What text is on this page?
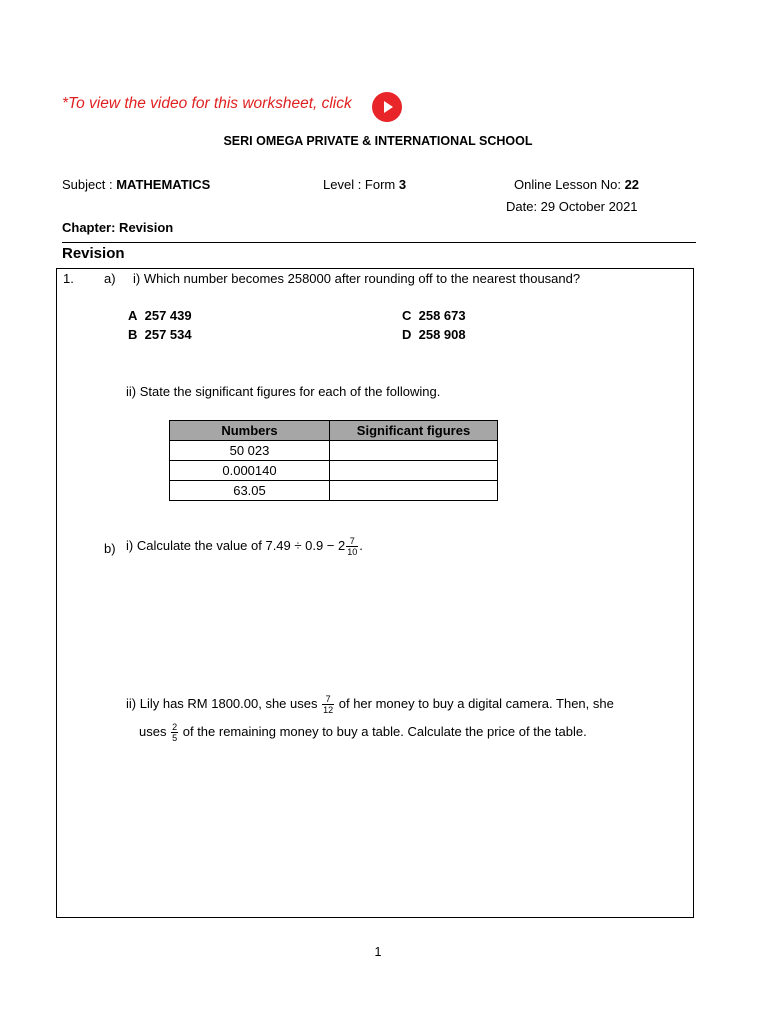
*To view the video for this worksheet, click
SERI OMEGA PRIVATE & INTERNATIONAL SCHOOL
Subject : MATHEMATICS	Level : Form 3	Online Lesson No: 22
Date: 29 October 2021
Chapter: Revision
Revision
1. a) i) Which number becomes 258000 after rounding off to the nearest thousand?
A 257 439
B 257 534
C 258 673
D 258 908
ii) State the significant figures for each of the following.
Numbers	Significant figures
50 023	
0.000140	
63.05	
b) i) Calculate the value of $7.49 \div 0.9 - 2 \frac{7}{10}$ .
ii) Lily has RM 1800.00, she uses $\frac{7}{12}$ of her money to buy a digital camera. Then, she
uses $\frac{2}{5}$ of the remaining money to buy a table. Calculate the price of the table.
1
